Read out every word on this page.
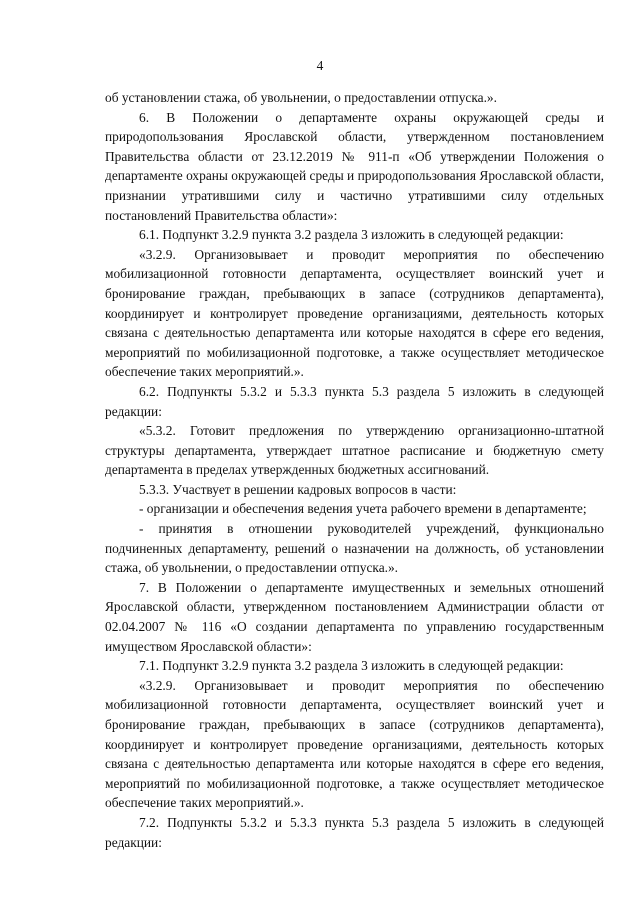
4

об установлении стажа, об увольнении, о предоставлении отпуска.».

6. В Положении о департаменте охраны окружающей среды и природопользования Ярославской области, утвержденном постановлением Правительства области от 23.12.2019 № 911-п «Об утверждении Положения о департаменте охраны окружающей среды и природопользования Ярославской области, признании утратившими силу и частично утратившими силу отдельных постановлений Правительства области»:

6.1. Подпункт 3.2.9 пункта 3.2 раздела 3 изложить в следующей редакции:

«3.2.9. Организовывает и проводит мероприятия по обеспечению мобилизационной готовности департамента, осуществляет воинский учет и бронирование граждан, пребывающих в запасе (сотрудников департамента), координирует и контролирует проведение организациями, деятельность которых связана с деятельностью департамента или которые находятся в сфере его ведения, мероприятий по мобилизационной подготовке, а также осуществляет методическое обеспечение таких мероприятий.».

6.2. Подпункты 5.3.2 и 5.3.3 пункта 5.3 раздела 5 изложить в следующей редакции:

«5.3.2. Готовит предложения по утверждению организационно-штатной структуры департамента, утверждает штатное расписание и бюджетную смету департамента в пределах утвержденных бюджетных ассигнований.

5.3.3. Участвует в решении кадровых вопросов в части:

- организации и обеспечения ведения учета рабочего времени в департаменте;

- принятия в отношении руководителей учреждений, функционально подчиненных департаменту, решений о назначении на должность, об установлении стажа, об увольнении, о предоставлении отпуска.».

7. В Положении о департаменте имущественных и земельных отношений Ярославской области, утвержденном постановлением Администрации области от 02.04.2007 № 116 «О создании департамента по управлению государственным имуществом Ярославской области»:

7.1. Подпункт 3.2.9 пункта 3.2 раздела 3 изложить в следующей редакции:

«3.2.9. Организовывает и проводит мероприятия по обеспечению мобилизационной готовности департамента, осуществляет воинский учет и бронирование граждан, пребывающих в запасе (сотрудников департамента), координирует и контролирует проведение организациями, деятельность которых связана с деятельностью департамента или которые находятся в сфере его ведения, мероприятий по мобилизационной подготовке, а также осуществляет методическое обеспечение таких мероприятий.».

7.2. Подпункты 5.3.2 и 5.3.3 пункта 5.3 раздела 5 изложить в следующей редакции:
